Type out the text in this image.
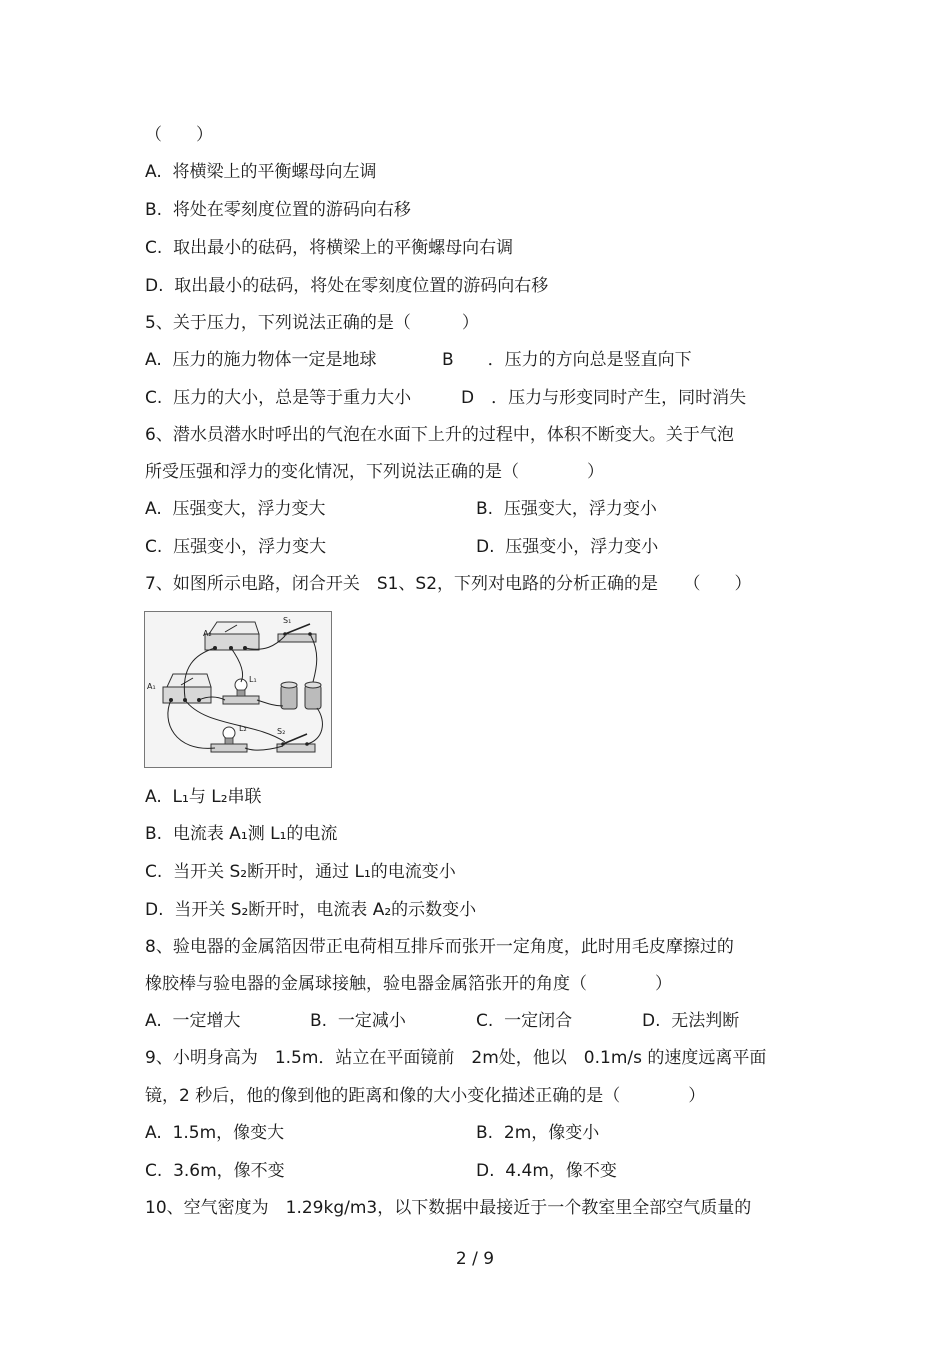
（　　）
A.  将横梁上的平衡螺母向左调
B.  将处在零刻度位置的游码向右移
C.  取出最小的砝码，将横梁上的平衡螺母向右调
D.  取出最小的砝码，将处在零刻度位置的游码向右移
5、关于压力，下列说法正确的是（　　　）
A.  压力的施力物体一定是地球	B　　．压力的方向总是竖直向下
C.  压力的大小，总是等于重力大小	D　．压力与形变同时产生，同时消失
6、潜水员潜水时呼出的气泡在水面下上升的过程中，体积不断变大。关于气泡
所受压强和浮力的变化情况，下列说法正确的是（　　　　）
A.  压强变大，浮力变大	B.  压强变大，浮力变小
C.  压强变小，浮力变大	D.  压强变小，浮力变小
7、如图所示电路，闭合开关　S1、S2，下列对电路的分析正确的是　　（　　）
A₂
S₁
A₁
L₁
L₂	S₂
A.  L₁与 L₂串联
B.  电流表 A₁测 L₁的电流
C.  当开关 S₂断开时，通过 L₁的电流变小
D.  当开关 S₂断开时，电流表 A₂的示数变小
8、验电器的金属箔因带正电荷相互排斥而张开一定角度，此时用毛皮摩擦过的
橡胶棒与验电器的金属球接触，验电器金属箔张开的角度（　　　　）
A.  一定增大	B.  一定减小	C.  一定闭合	D.  无法判断
9、小明身高为　1.5m．站立在平面镜前　2m处，他以　0.1m/s 的速度远离平面
镜，2 秒后，他的像到他的距离和像的大小变化描述正确的是（　　　　）
A.  1.5m，像变大	B.  2m，像变小
C.  3.6m，像不变	D.  4.4m，像不变
10、空气密度为　1.29kg/m3，以下数据中最接近于一个教室里全部空气质量的
2 / 9
